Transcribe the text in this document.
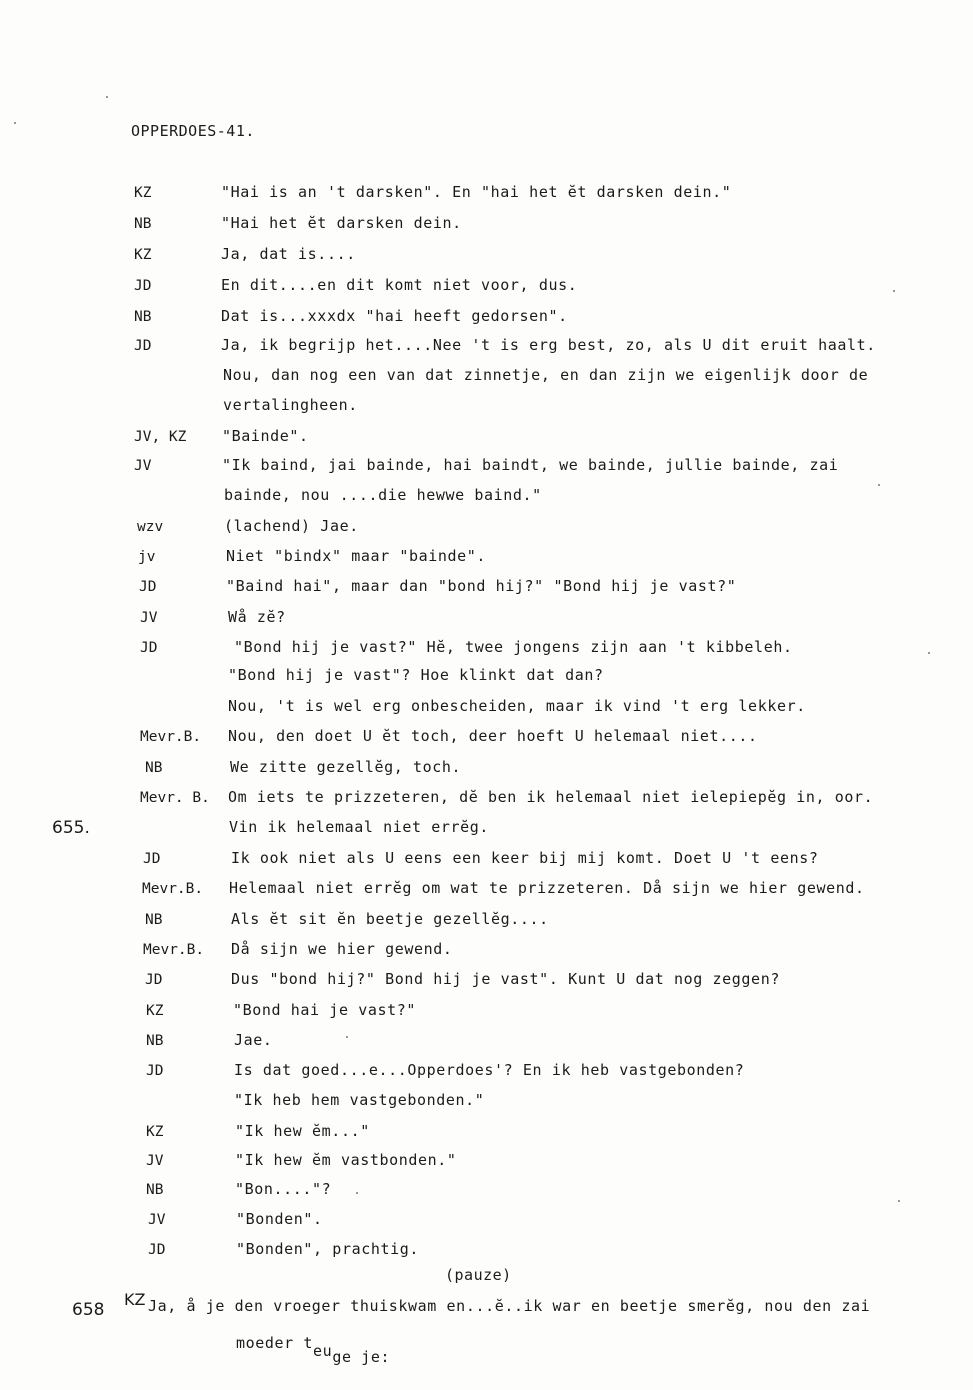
OPPERDOES-41.
KZ	"Hai is an 't darsken". En "hai het ĕt darsken dein."
NB	"Hai het ĕt darsken dein.
KZ	Ja, dat is....
JD	En dit....en dit komt niet voor, dus.
NB	Dat is...xxxdx "hai heeft gedorsen".
JD	Ja, ik begrijp het....Nee 't is erg best, zo, als U dit eruit haalt.
Nou, dan nog een van dat zinnetje, en dan zijn we eigenlijk door de
vertalingheen.
JV, KZ "Bainde".
JV	"Ik baind, jai bainde, hai baindt, we bainde, jullie bainde, zai
bainde, nou ....die hewwe baind."
wzv	(lachend) Jae.
jv	Niet "bindx" maar "bainde".
JD	"Baind hai", maar dan "bond hij?" "Bond hij je vast?"
JV	Wå zĕ?
JD	"Bond hij je vast?" Hĕ, twee jongens zijn aan 't kibbeleh.
"Bond hij je vast"? Hoe klinkt dat dan?
Nou, 't is wel erg onbescheiden, maar ik vind 't erg lekker.
Mevr.B. Nou, den doet U ĕt toch, deer hoeft U helemaal niet....
NB	We zitte gezellĕg, toch.
Mevr. B. Om iets te prizzeteren, dĕ ben ik helemaal niet ielepiepĕg in, oor.
Vin ik helemaal niet errĕg.
JD	Ik ook niet als U eens een keer bij mij komt. Doet U 't eens?
Mevr.B. Helemaal niet errĕg om wat te prizzeteren. Då sijn we hier gewend.
NB	Als ĕt sit ĕn beetje gezellĕg....
Mevr.B. Då sijn we hier gewend.
JD	Dus "bond hij?" Bond hij je vast". Kunt U dat nog zeggen?
KZ	"Bond hai je vast?"
NB	Jae.
JD	Is dat goed...e...Opperdoes'? En ik heb vastgebonden?
"Ik heb hem vastgebonden."
KZ	"Ik hew ĕm..."
JV	"Ik hew ĕm vastbonden."
NB	"Bon...."?
JV	"Bonden".
JD	"Bonden", prachtig.
655.
(pauze)
658
KZ Ja, å je den vroeger thuiskwam en...ĕ..ik war en beetje smerĕg, nou den zai
moeder teuge je:
